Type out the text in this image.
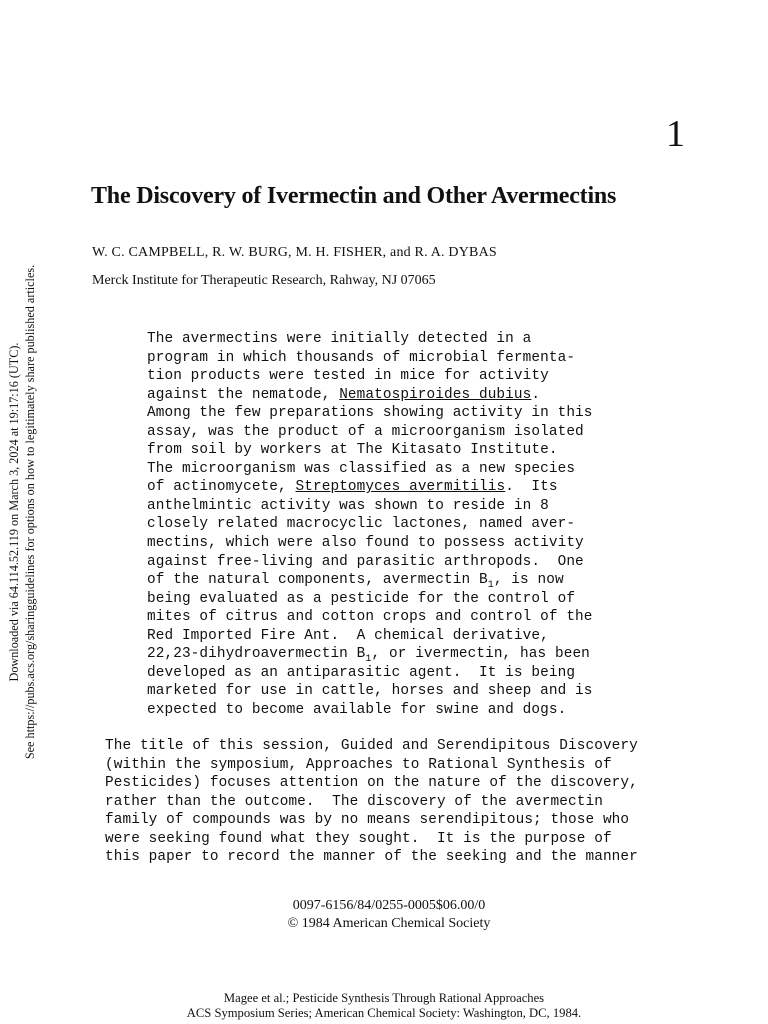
1
The Discovery of Ivermectin and Other Avermectins
W. C. CAMPBELL, R. W. BURG, M. H. FISHER, and R. A. DYBAS
Merck Institute for Therapeutic Research, Rahway, NJ 07065
The avermectins were initially detected in a
program in which thousands of microbial fermenta-
tion products were tested in mice for activity
against the nematode, Nematospiroides dubius.
Among the few preparations showing activity in this
assay, was the product of a microorganism isolated
from soil by workers at The Kitasato Institute.
The microorganism was classified as a new species
of actinomycete, Streptomyces avermitilis.  Its
anthelmintic activity was shown to reside in 8
closely related macrocyclic lactones, named aver-
mectins, which were also found to possess activity
against free-living and parasitic arthropods.  One
of the natural components, avermectin $B_1$, is now
being evaluated as a pesticide for the control of
mites of citrus and cotton crops and control of the
Red Imported Fire Ant.  A chemical derivative,
22,23-dihydroavermectin $B_1$, or ivermectin, has been
developed as an antiparasitic agent.  It is being
marketed for use in cattle, horses and sheep and is
expected to become available for swine and dogs.
The title of this session, Guided and Serendipitous Discovery
(within the symposium, Approaches to Rational Synthesis of
Pesticides) focuses attention on the nature of the discovery,
rather than the outcome.  The discovery of the avermectin
family of compounds was by no means serendipitous; those who
were seeking found what they sought.  It is the purpose of
this paper to record the manner of the seeking and the manner
0097-6156/84/0255-0005$06.00/0
© 1984 American Chemical Society
Magee et al.; Pesticide Synthesis Through Rational Approaches
ACS Symposium Series; American Chemical Society: Washington, DC, 1984.
Downloaded via 64.114.52.119 on March 3, 2024 at 19:17:16 (UTC). See https://pubs.acs.org/sharingguidelines for options on how to legitimately share published articles.
